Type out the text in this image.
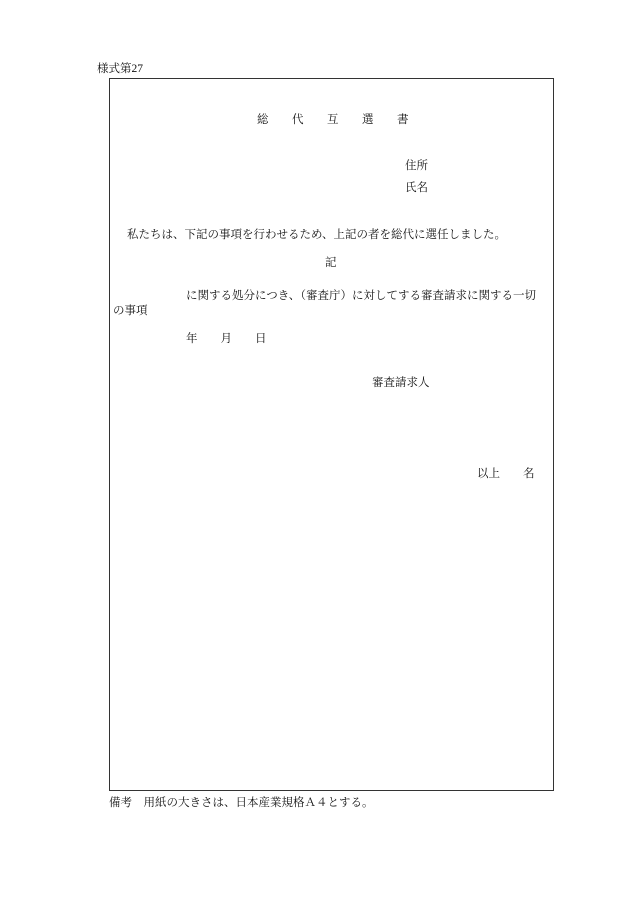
様式第27
総代互選書
住所
氏名
私たちは、下記の事項を行わせるため、上記の者を総代に選任しました。
記
に関する処分につき、（審査庁）に対してする審査請求に関する一切
の事項
年　　月　　日
審査請求人
以上　　名
備考　用紙の大きさは、日本産業規格Ａ４とする。
